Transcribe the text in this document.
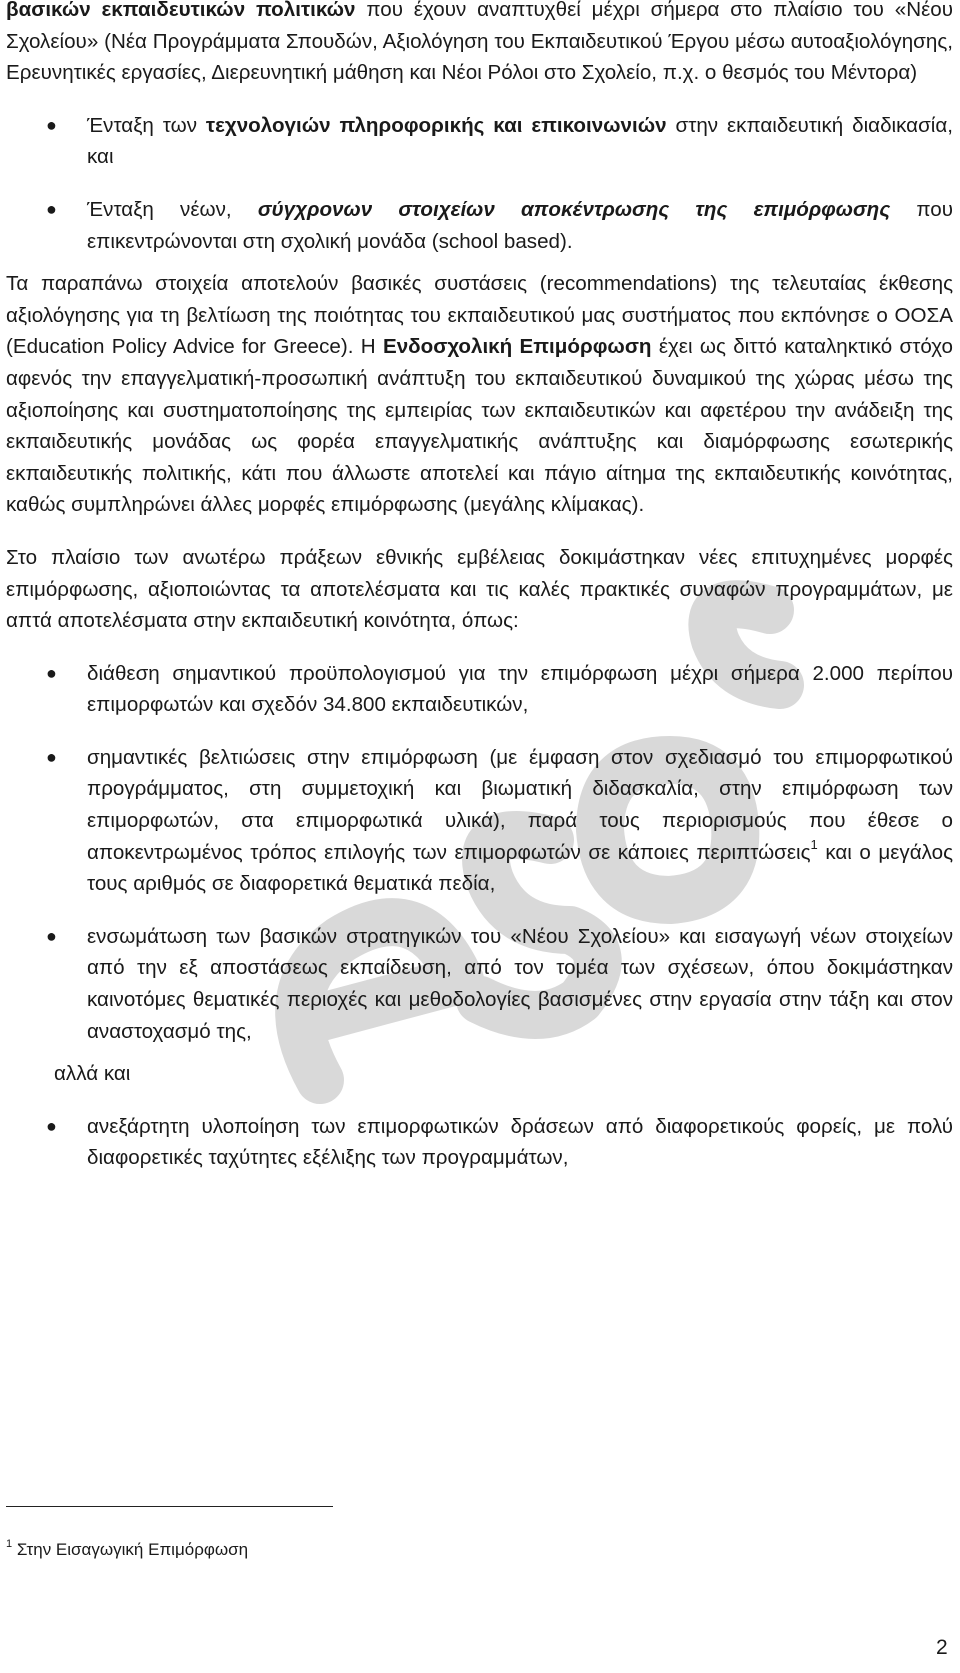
βασικών εκπαιδευτικών πολιτικών που έχουν αναπτυχθεί μέχρι σήμερα στο πλαίσιο του «Νέου Σχολείου» (Νέα Προγράμματα Σπουδών, Αξιολόγηση του Εκπαιδευτικού Έργου μέσω αυτοαξιολόγησης, Ερευνητικές εργασίες, Διερευνητική μάθηση και Νέοι Ρόλοι στο Σχολείο, π.χ. ο θεσμός του Μέντορα)

● Ένταξη των τεχνολογιών πληροφορικής και επικοινωνιών στην εκπαιδευτική διαδικασία, και

● Ένταξη νέων, σύγχρονων στοιχείων αποκέντρωσης της επιμόρφωσης που επικεντρώνονται στη σχολική μονάδα (school based).

Τα παραπάνω στοιχεία αποτελούν βασικές συστάσεις (recommendations) της τελευταίας έκθεσης αξιολόγησης για τη βελτίωση της ποιότητας του εκπαιδευτικού μας συστήματος που εκπόνησε ο ΟΟΣΑ (Education Policy Advice for Greece). Η Ενδοσχολική Επιμόρφωση έχει ως διττό καταληκτικό στόχο αφενός την επαγγελματική-προσωπική ανάπτυξη του εκπαιδευτικού δυναμικού της χώρας μέσω της αξιοποίησης και συστηματοποίησης της εμπειρίας των εκπαιδευτικών και αφετέρου την ανάδειξη της εκπαιδευτικής μονάδας ως φορέα επαγγελματικής ανάπτυξης και διαμόρφωσης εσωτερικής εκπαιδευτικής πολιτικής, κάτι που άλλωστε αποτελεί και πάγιο αίτημα της εκπαιδευτικής κοινότητας, καθώς συμπληρώνει άλλες μορφές επιμόρφωσης (μεγάλης κλίμακας).

Στο πλαίσιο των ανωτέρω πράξεων εθνικής εμβέλειας δοκιμάστηκαν νέες επιτυχημένες μορφές επιμόρφωσης, αξιοποιώντας τα αποτελέσματα και τις καλές πρακτικές συναφών προγραμμάτων, με απτά αποτελέσματα στην εκπαιδευτική κοινότητα, όπως:

● διάθεση σημαντικού προϋπολογισμού για την επιμόρφωση μέχρι σήμερα 2.000 περίπου επιμορφωτών και σχεδόν 34.800 εκπαιδευτικών,

● σημαντικές βελτιώσεις στην επιμόρφωση (με έμφαση στον σχεδιασμό του επιμορφωτικού προγράμματος, στη συμμετοχική και βιωματική διδασκαλία, στην επιμόρφωση των επιμορφωτών, στα επιμορφωτικά υλικά), παρά τους περιορισμούς που έθεσε ο αποκεντρωμένος τρόπος επιλογής των επιμορφωτών σε κάποιες περιπτώσεις$^1$ και ο μεγάλος τους αριθμός σε διαφορετικά θεματικά πεδία,

● ενσωμάτωση των βασικών στρατηγικών του «Νέου Σχολείου» και εισαγωγή νέων στοιχείων από την εξ αποστάσεως εκπαίδευση, από τον τομέα των σχέσεων, όπου δοκιμάστηκαν καινοτόμες θεματικές περιοχές και μεθοδολογίες βασισμένες στην εργασία στην τάξη και στον αναστοχασμό της,

αλλά και

● ανεξάρτητη υλοποίηση των επιμορφωτικών δράσεων από διαφορετικούς φορείς, με πολύ διαφορετικές ταχύτητες εξέλιξης των προγραμμάτων,

$^1$ Στην Εισαγωγική Επιμόρφωση
2
